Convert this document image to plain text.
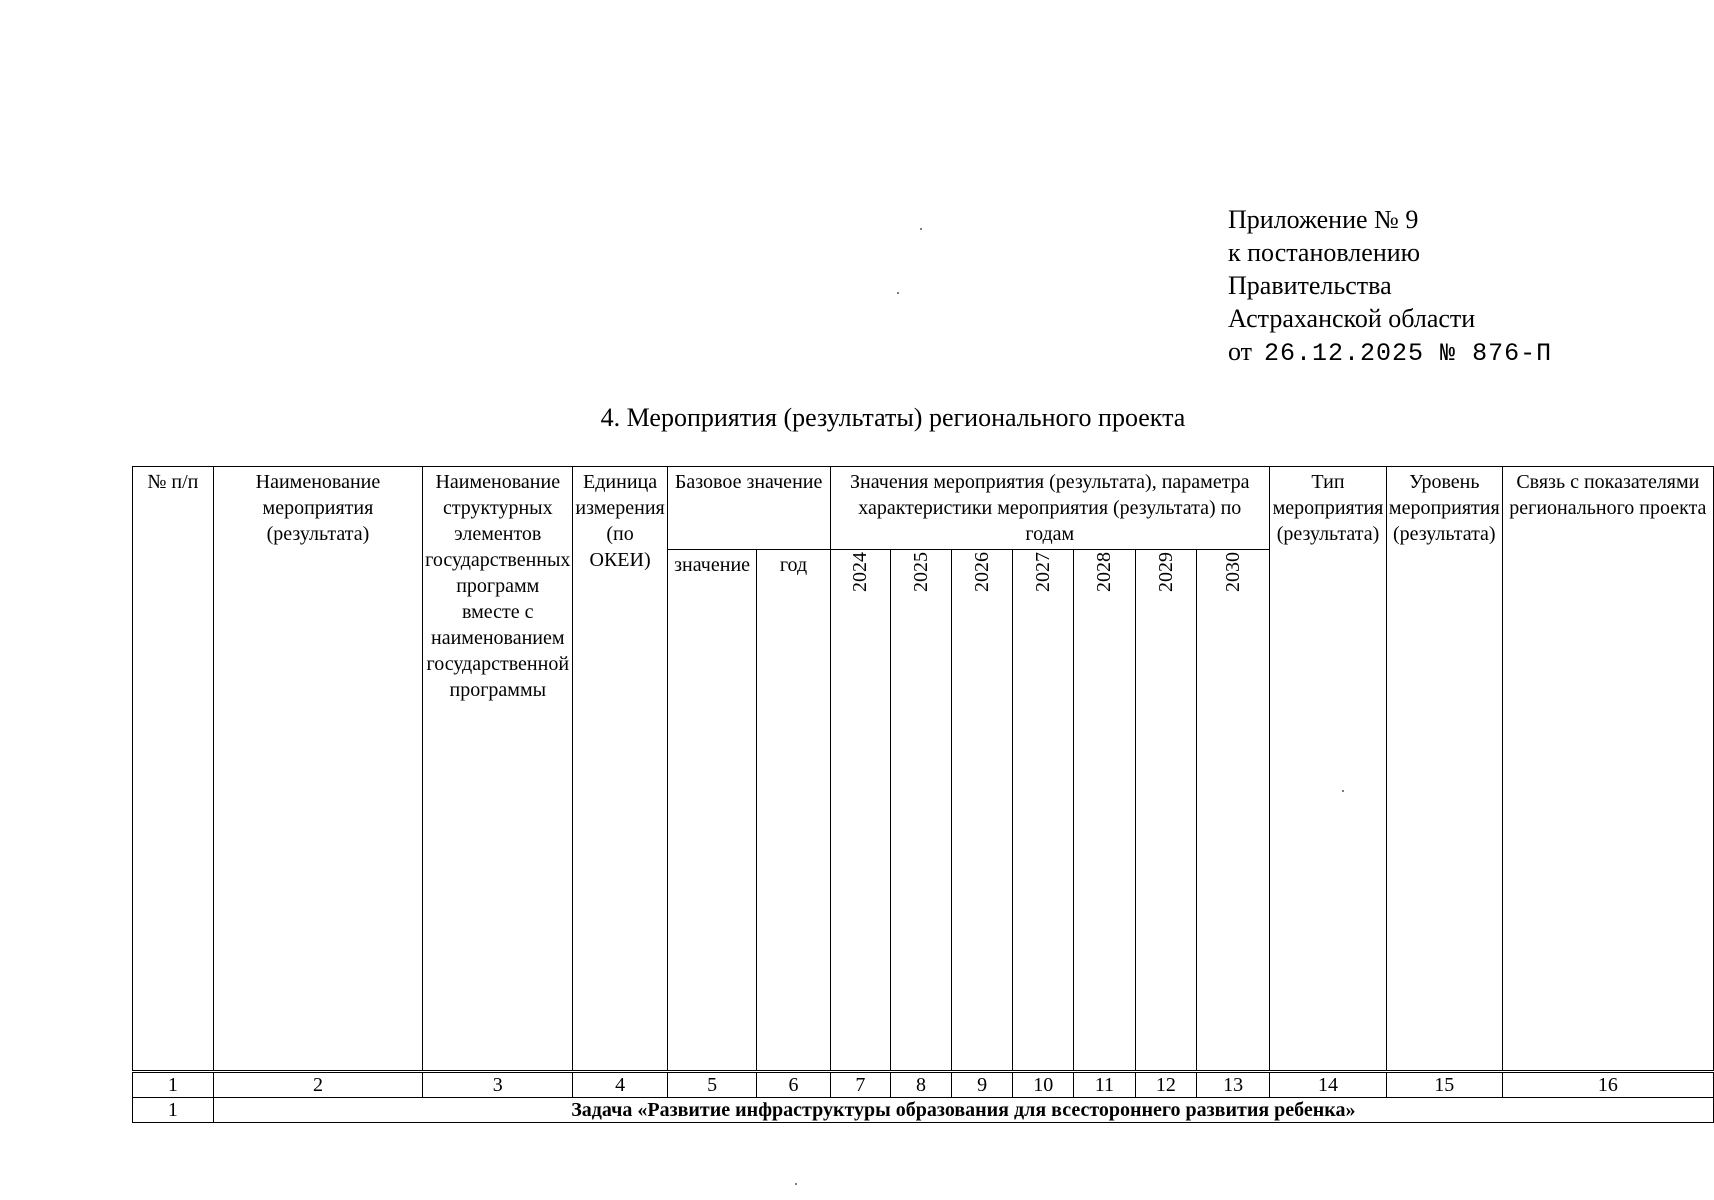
Приложение № 9
к постановлению
Правительства
Астраханской области
от 26.12.2025 № 876-П
4. Мероприятия (результаты) регионального проекта
№ п/п	Наименование мероприятия (результата)	Наименование структурных элементов государственных программ вместе с наименованием государственной программы	Единица измерения (по ОКЕИ)	Базовое значение		Значения мероприятия (результата), параметра характеристики мероприятия (результата) по годам							Тип мероприятия (результата)	Уровень мероприятия (результата)	Связь с показателями регионального проекта
				значение	год	2024	2025	2026	2027	2028	2029	2030			
1	2	3	4	5	6	7	8	9	10	11	12	13	14	15	16
1	Задача «Развитие инфраструктуры образования для всестороннего развития ребенка»														
